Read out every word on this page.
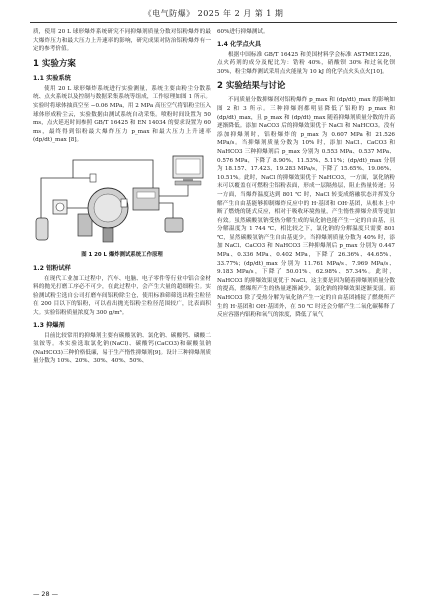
《电气防爆》 2025 年 2 月 第 1 期

质，使用 20 L 球形爆炸系统研究不同抑爆剂质量分数对铝粉爆炸的最大爆炸压力和最大压力上升速率的影响，研究成果对防治铝粉爆炸有一定的参考价值。

1 实验方案
1.1 实验系统

使用 20 L 球形爆炸系统进行实验测量，系统主要由粉尘分散系统、点火系统以及控制与数据采集系统等组成，工作原理如图 1 所示。实验时将球体抽真空至 −0.06 MPa，用 2 MPa 高压空气将铝粉尘压入球体形成粉尘云，实验数据由测试系统自动采集。喷粉时间设置为 50 ms，点火延迟时间参照 GB/T 16425 和 EN 14034 的要求设置为 60 ms，最终得到铝粉最大爆炸压力 p_max 和最大压力上升速率 (dp/dt)_max [8]。

图 1 20 L 爆炸测试系统工作原理
1.2 铝粉试样

在现代工业加工过程中，汽车、电脑、电子零件等行业中铝合金材料的抛光打磨工序必不可少，在此过程中，会产生大量的超细粉尘。实验测试粉尘选自公司打磨车间铝粉除尘仓，使用标准筛筛选出粉尘粒径在 200 目以下的铝粉，可以看出抛光铝粉尘粒径范围较广，比表面积大。实验铝粉质量浓度为 300 g/m³。

1.3 抑爆剂

目前比较常用的抑爆剂主要有碳酸氢钠、氯化钠、碳酸钙、磷酸二氢铵等。本实验选取氯化钠(NaCl)、碳酸钙(CaCO3)和碳酸氢钠(NaHCO3)三种价格低廉，易于生产惰性抑爆剂[9]。设计三种抑爆剂质量分数为 10%、20%、30%、40%、50%、

60%进行抑爆测试。

1.4 化学点火具

根据中国标准 GB/T 16425 和美国材料学会标准 ASTME1226，点火药剂的成分及配比为：锆粉 40%，硝酸钡 30% 和过氧化钡 30%，粉尘爆炸测试采用点火能量为 10 kJ 的化学点火头点火[10]。

2 实验结果与讨论

不同质量分数抑爆剂对铝粉爆炸 p_max 和 (dp/dt)_max 的影响如图 2 和 3 所示。三种抑爆剂都明显降低了铝粉的 p_max 和 (dp/dt)_max，且 p_max 和 (dp/dt)_max 随着抑爆剂质量分数的升高逐渐降低。添加 NaCO3 后的抑爆效果优于 NaCl 和 NaHCO3。没有添加抑爆剂时，铝粉爆炸的 p_max 为 0.607 MPa 和 21.526 MPa/s。当抑爆剂质量分数为 10% 时，添加 NaCl、CaCO3 和 NaHCO3 三种抑爆剂后 p_max 分别为 0.553 MPa、0.537 MPa、0.576 MPa，下降了 8.90%、11.53%、5.11%；(dp/dt)_max 分别为 18.157、17.423、19.283 MPa/s，下降了 15.65%、19.06%、10.51%。此时，NaCl 的抑爆效果优于 NaHCO3，一方面，氯化钠粉末可以覆盖在可燃粉尘铝粉表面，形成一层隔热层，阻止热量传递；另一方面，当爆炸温度达到 801 ℃ 时，NaCl 转变成熔融状态并挥发分解产生自由基能够抑制爆炸反应中的 H·基团和 OH·基团，从根本上中断了燃烧的链式反应，相对于吸收环境热量，产生惰性抑爆介质等更加有效。虽然碳酸氢钠受热分解生成的氧化钠也能产生一定的自由基，且分解温度为 1 744 ℃，相比较之下，氯化钠的分解温度只需要 801 ℃，显然碳酸氢钠产生自由基更少。当抑爆剂质量分数为 40% 时，添加 NaCl、CaCO3 和 NaHCO3 三种抑爆剂后 p_max 分别为 0.447 MPa、0.336 MPa、0.402 MPa，下降了 26.36%、44.65%、33.77%；(dp/dt)_max 分别为 11.761 MPa/s、7.969 MPa/s、9.183 MPa/s，下降了 50.01%、62.98%、57.34%。此时，NaHCO3 的抑爆效果更优于 NaCl，这主要是因为随着抑爆剂质量分数的提高，燃爆所产生的热量逐渐减少，氯化钠的抑爆效果逐渐变弱。而 NaHCO3 除了受热分解为氧化钠产生一定的自由基团捕捉了燃烧所产生的 H·基团和 OH·基团外，在 50 ℃ 时还会分解产生二氧化碳稀释了反应容器内铝粉和氧气的浓度，降低了氧气

— 28 —
